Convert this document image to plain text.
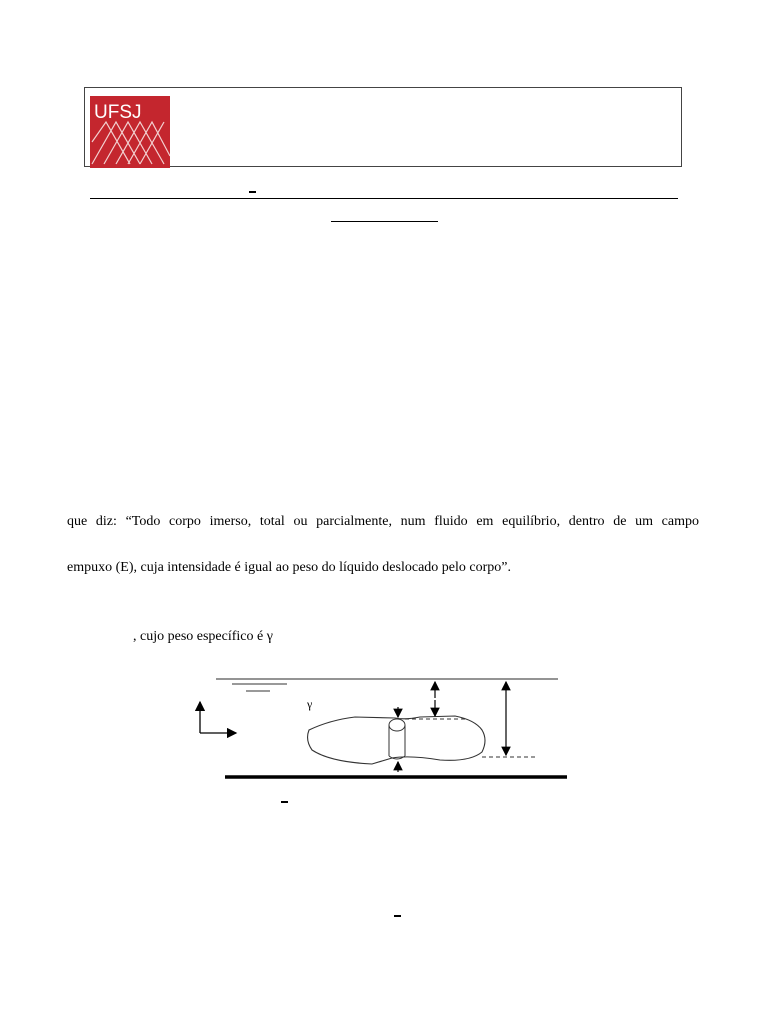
UFSJ
que diz: “Todo corpo imerso, total ou parcialmente, num fluido em equilíbrio, dentro de um campo
empuxo (E), cuja intensidade é igual ao peso do líquido deslocado pelo corpo”.
, cujo peso específico é γ
γ
